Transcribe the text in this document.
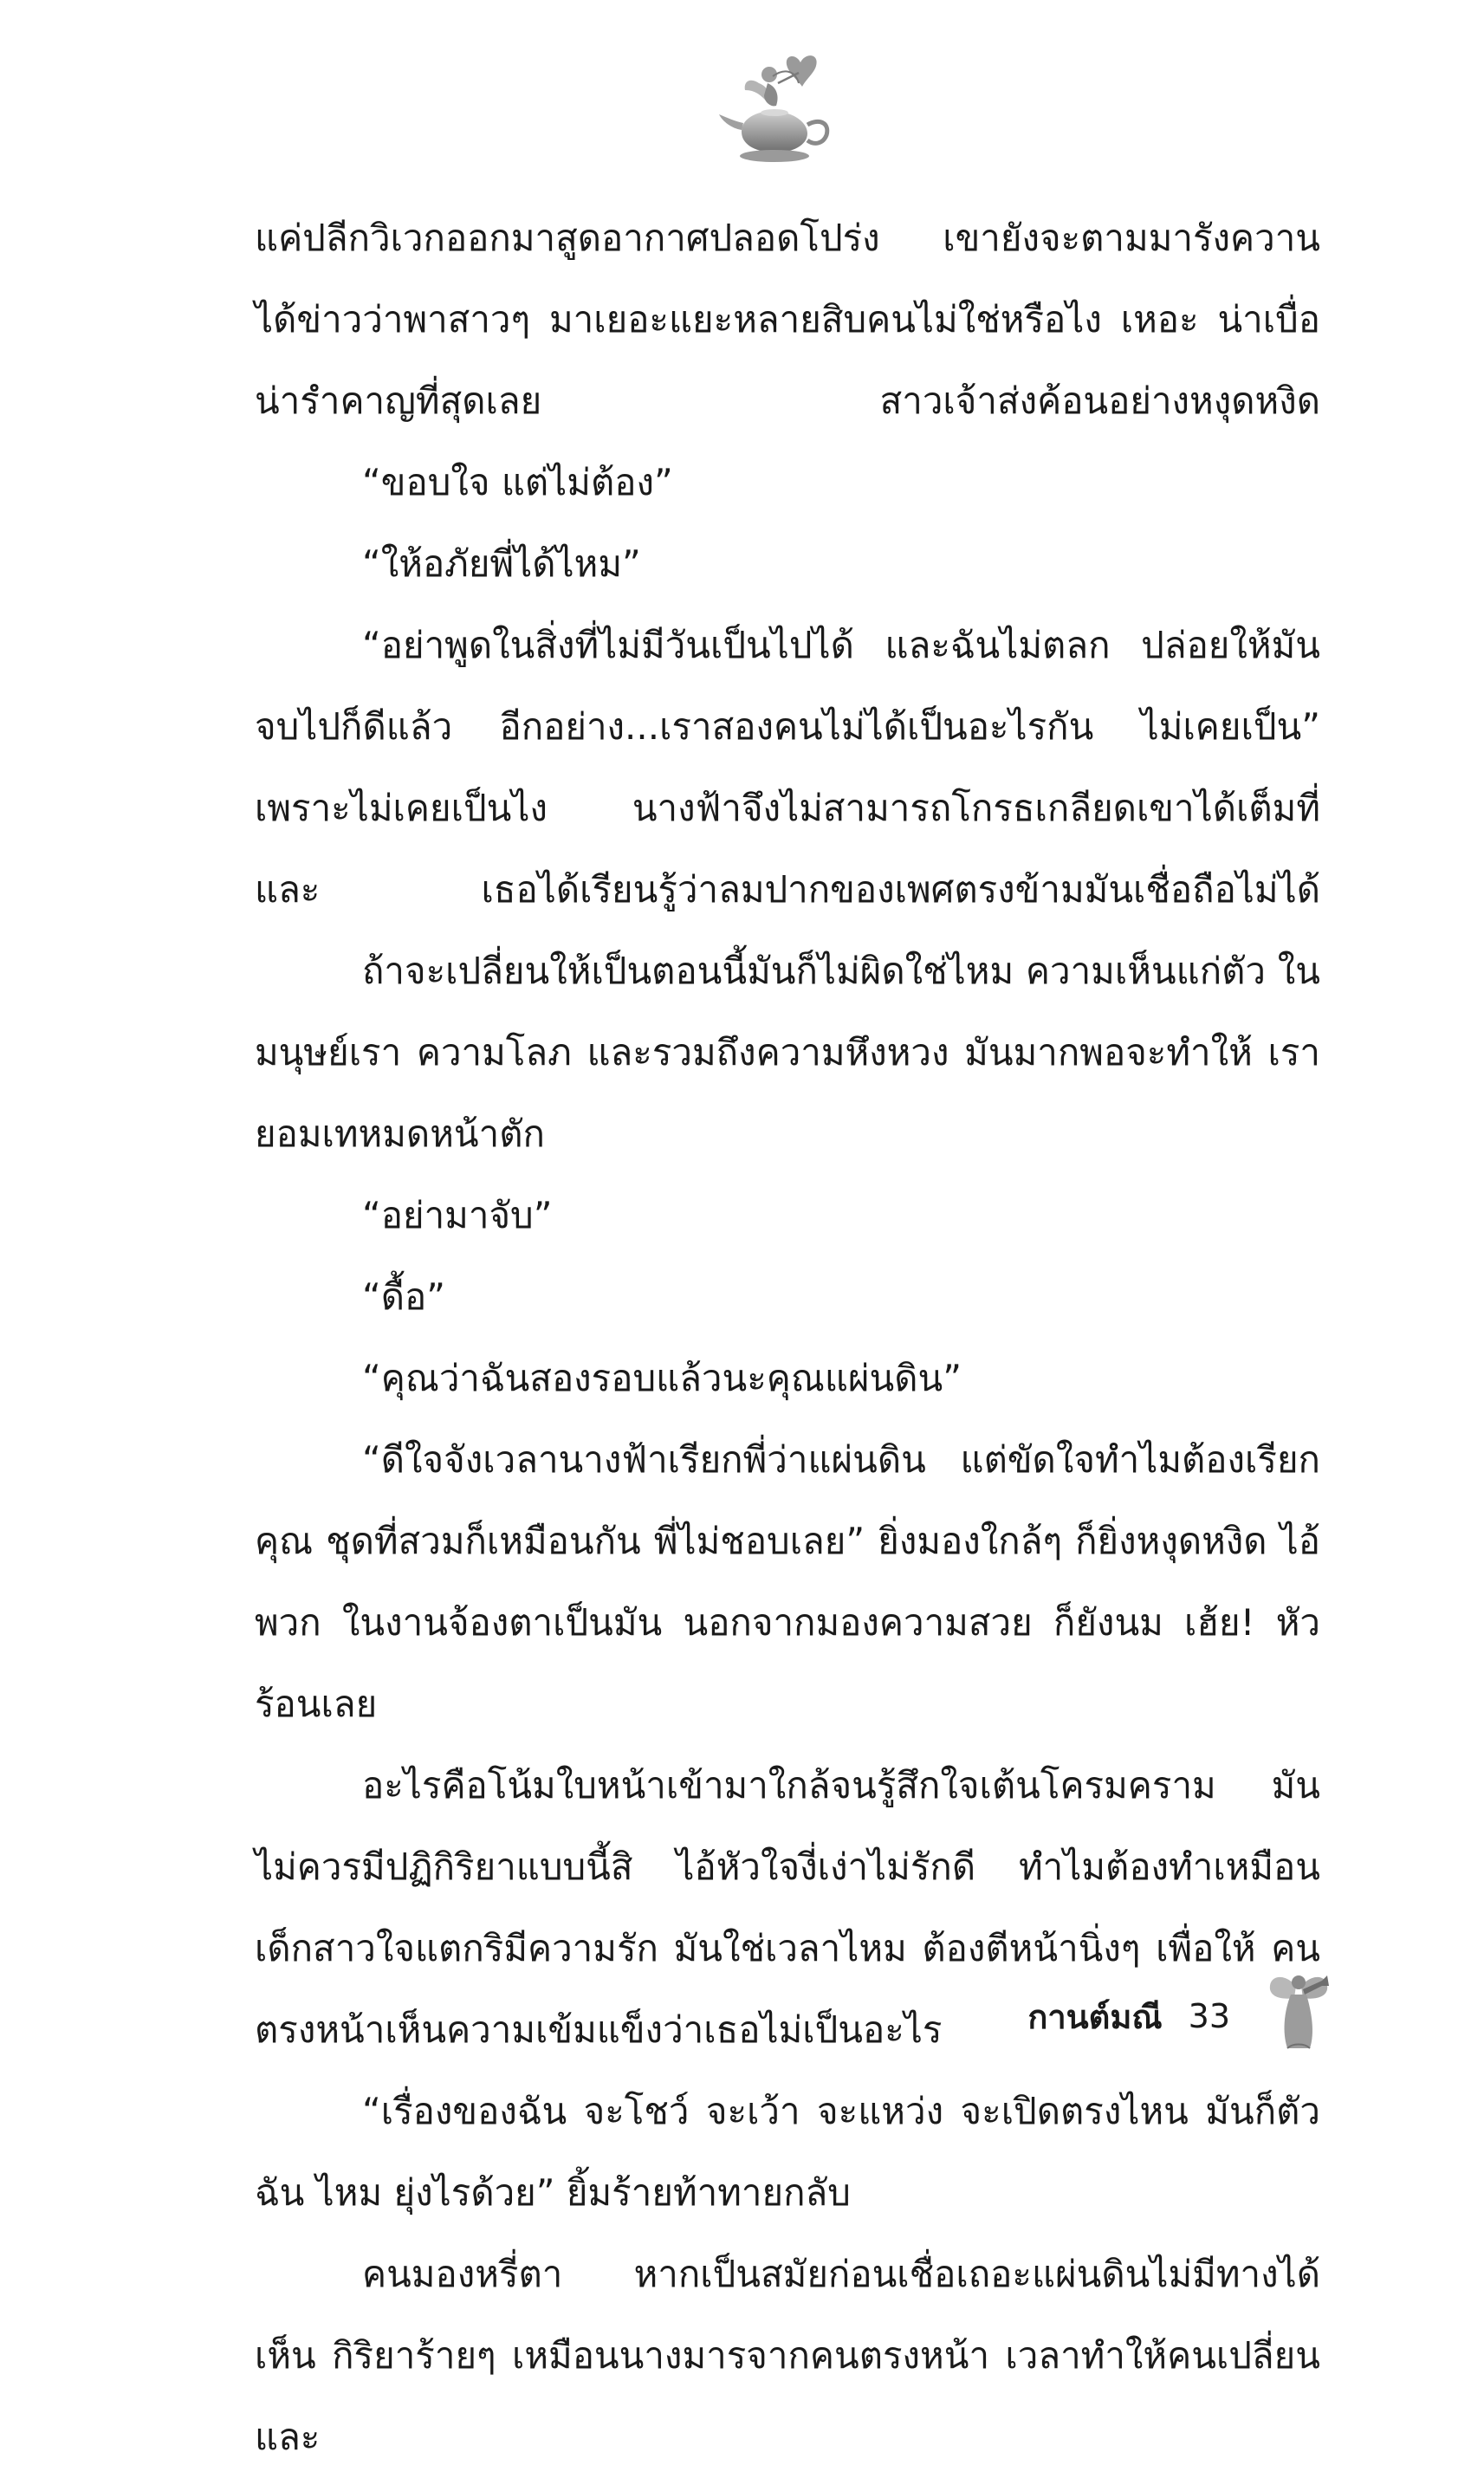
แค่ปลีกวิเวกออกมาสูดอากาศปลอดโปร่ง เขายังจะตามมารังควาน ได้ข่าวว่าพาสาวๆ มาเยอะแยะหลายสิบคนไม่ใช่หรือไง เหอะ น่าเบื่อ น่ารำคาญที่สุดเลย สาวเจ้าส่งค้อนอย่างหงุดหงิด

“ขอบใจ แต่ไม่ต้อง”

“ให้อภัยพี่ได้ไหม”

“อย่าพูดในสิ่งที่ไม่มีวันเป็นไปได้ และฉันไม่ตลก ปล่อยให้มัน จบไปก็ดีแล้ว อีกอย่าง...เราสองคนไม่ได้เป็นอะไรกัน ไม่เคยเป็น” เพราะไม่เคยเป็นไง นางฟ้าจึงไม่สามารถโกรธเกลียดเขาได้เต็มที่ และ เธอได้เรียนรู้ว่าลมปากของเพศตรงข้ามมันเชื่อถือไม่ได้

ถ้าจะเปลี่ยนให้เป็นตอนนี้มันก็ไม่ผิดใช่ไหม ความเห็นแก่ตัว ในมนุษย์เรา ความโลภ และรวมถึงความหึงหวง มันมากพอจะทำให้ เรายอมเทหมดหน้าตัก

“อย่ามาจับ”

“ดื้อ”

“คุณว่าฉันสองรอบแล้วนะคุณแผ่นดิน”

“ดีใจจังเวลานางฟ้าเรียกพี่ว่าแผ่นดิน แต่ขัดใจทำไมต้องเรียกคุณ ชุดที่สวมก็เหมือนกัน พี่ไม่ชอบเลย” ยิ่งมองใกล้ๆ ก็ยิ่งหงุดหงิด ไอ้พวก ในงานจ้องตาเป็นมัน นอกจากมองความสวย ก็ยังนม เฮ้ย! หัวร้อนเลย

อะไรคือโน้มใบหน้าเข้ามาใกล้จนรู้สึกใจเต้นโครมคราม มัน ไม่ควรมีปฏิกิริยาแบบนี้สิ ไอ้หัวใจงี่เง่าไม่รักดี ทำไมต้องทำเหมือน เด็กสาวใจแตกริมีความรัก มันใช่เวลาไหม ต้องตีหน้านิ่งๆ เพื่อให้ คนตรงหน้าเห็นความเข้มแข็งว่าเธอไม่เป็นอะไร

“เรื่องของฉัน จะโชว์ จะเว้า จะแหว่ง จะเปิดตรงไหน มันก็ตัวฉัน ไหม ยุ่งไรด้วย” ยิ้มร้ายท้าทายกลับ

คนมองหรี่ตา หากเป็นสมัยก่อนเชื่อเถอะแผ่นดินไม่มีทางได้เห็น กิริยาร้ายๆ เหมือนนางมารจากคนตรงหน้า เวลาทำให้คนเปลี่ยน และ

กานต์มณี 33
